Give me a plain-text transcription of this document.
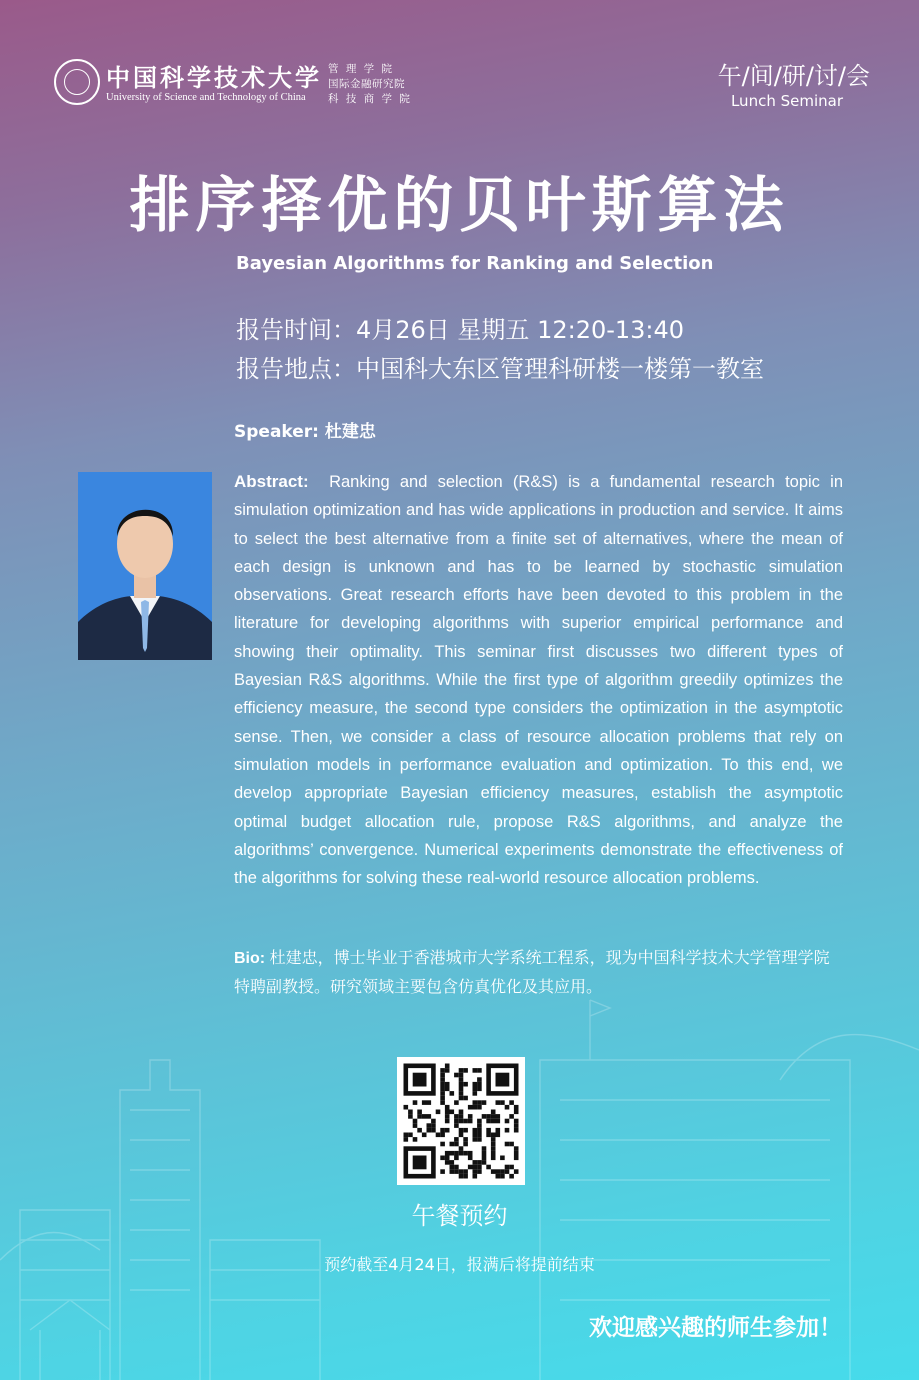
中国科学技术大学
University of Science and Technology of China
管 理 学 院
国际金融研究院
科 技 商 学 院
午/间/研/讨/会
Lunch Seminar
排序择优的贝叶斯算法
Bayesian Algorithms for Ranking and Selection
报告时间：4月26日 星期五 12:20-13:40
报告地点：中国科大东区管理科研楼一楼第一教室
Speaker: 杜建忠
Abstract: Ranking and selection (R&S) is a fundamental research topic in simulation optimization and has wide applications in production and service. It aims to select the best alternative from a finite set of alternatives, where the mean of each design is unknown and has to be learned by stochastic simulation observations. Great research efforts have been devoted to this problem in the literature for developing algorithms with superior empirical performance and showing their optimality. This seminar first discusses two different types of Bayesian R&S algorithms. While the first type of algorithm greedily optimizes the efficiency measure, the second type considers the optimization in the asymptotic sense. Then, we consider a class of resource allocation problems that rely on simulation models in performance evaluation and optimization. To this end, we develop appropriate Bayesian efficiency measures, establish the asymptotic optimal budget allocation rule, propose R&S algorithms, and analyze the algorithms’ convergence. Numerical experiments demonstrate the effectiveness of the algorithms for solving these real-world resource allocation problems.
Bio: 杜建忠，博士毕业于香港城市大学系统工程系，现为中国科学技术大学管理学院特聘副教授。研究领域主要包含仿真优化及其应用。
午餐预约
预约截至4月24日，报满后将提前结束
欢迎感兴趣的师生参加！
